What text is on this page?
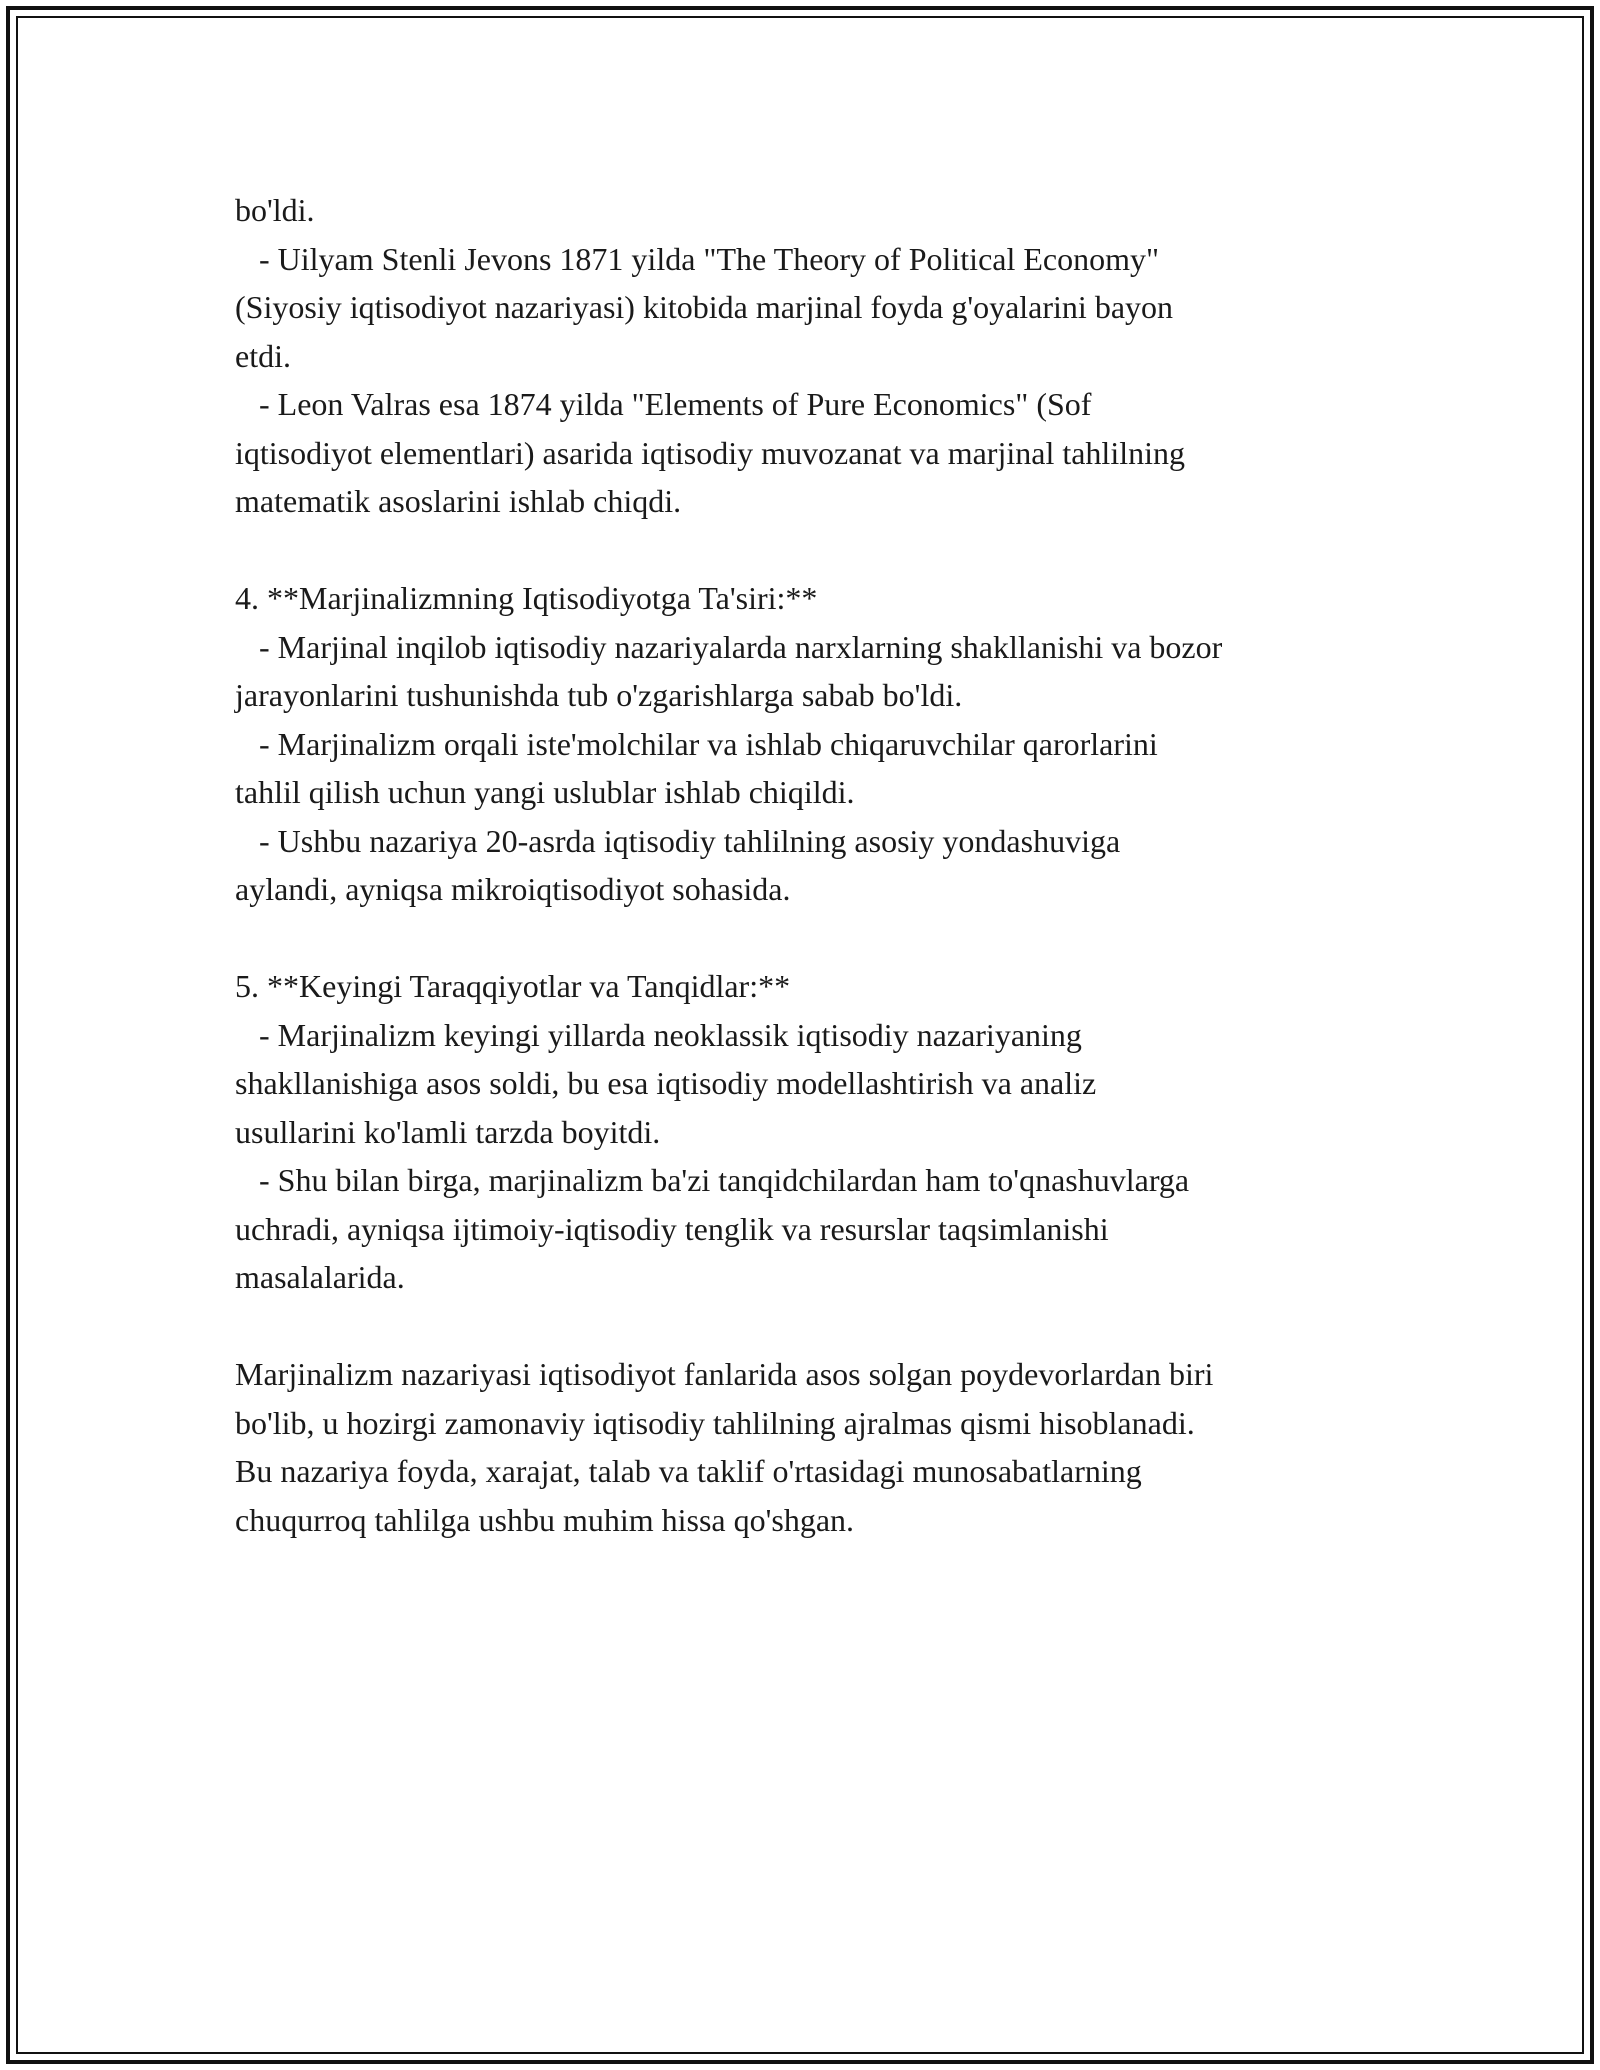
bo'ldi.
- Uilyam Stenli Jevons 1871 yilda "The Theory of Political Economy"
(Siyosiy iqtisodiyot nazariyasi) kitobida marjinal foyda g'oyalarini bayon
etdi.
- Leon Valras esa 1874 yilda "Elements of Pure Economics" (Sof
iqtisodiyot elementlari) asarida iqtisodiy muvozanat va marjinal tahlilning
matematik asoslarini ishlab chiqdi.
4. **Marjinalizmning Iqtisodiyotga Ta'siri:**
- Marjinal inqilob iqtisodiy nazariyalarda narxlarning shakllanishi va bozor
jarayonlarini tushunishda tub o'zgarishlarga sabab bo'ldi.
- Marjinalizm orqali iste'molchilar va ishlab chiqaruvchilar qarorlarini
tahlil qilish uchun yangi uslublar ishlab chiqildi.
- Ushbu nazariya 20-asrda iqtisodiy tahlilning asosiy yondashuviga
aylandi, ayniqsa mikroiqtisodiyot sohasida.
5. **Keyingi Taraqqiyotlar va Tanqidlar:**
- Marjinalizm keyingi yillarda neoklassik iqtisodiy nazariyaning
shakllanishiga asos soldi, bu esa iqtisodiy modellashtirish va analiz
usullarini ko'lamli tarzda boyitdi.
- Shu bilan birga, marjinalizm ba'zi tanqidchilardan ham to'qnashuvlarga
uchradi, ayniqsa ijtimoiy-iqtisodiy tenglik va resurslar taqsimlanishi
masalalarida.
Marjinalizm nazariyasi iqtisodiyot fanlarida asos solgan poydevorlardan biri
bo'lib, u hozirgi zamonaviy iqtisodiy tahlilning ajralmas qismi hisoblanadi.
Bu nazariya foyda, xarajat, talab va taklif o'rtasidagi munosabatlarning
chuqurroq tahlilga ushbu muhim hissa qo'shgan.
